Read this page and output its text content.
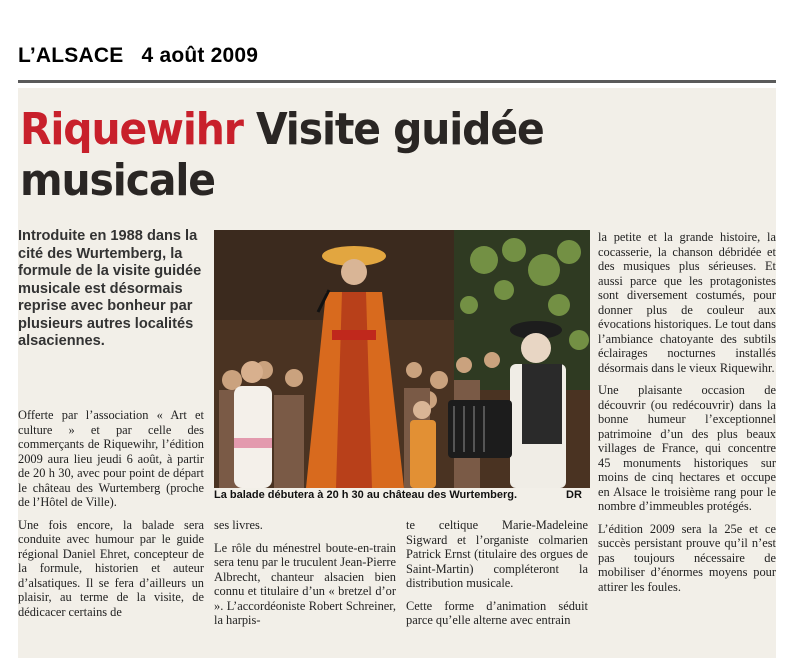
L’ALSACE   4 août 2009
Riquewihr Visite guidée musicale
Introduite en 1988 dans la cité des Wurtemberg, la formule de la visite guidée musicale est désormais reprise avec bonheur par plusieurs autres localités alsaciennes.

Offerte par l’association « Art et culture » et par celle des commerçants de Riquewihr, l’édition 2009 aura lieu jeudi 6 août, à partir de 20 h 30, avec pour point de départ le château des Wurtemberg (proche de l’Hôtel de Ville).

Une fois encore, la balade sera conduite avec humour par le guide régional Daniel Ehret, concepteur de la formule, historien et auteur d’alsatiques. Il se fera d’ailleurs un plaisir, au terme de la visite, de dédicacer certains de

La balade débutera à 20 h 30 au château des Wurtemberg.	DR

ses livres.

Le rôle du ménestrel boute-en-train sera tenu par le truculent Jean-Pierre Albrecht, chanteur alsacien bien connu et titulaire d’un « bretzel d’or ». L’accordéoniste Robert Schreiner, la harpis-

te celtique Marie-Madeleine Sigward et l’organiste colmarien Patrick Ernst (titulaire des orgues de Saint-Martin) compléteront la distribution musicale.

Cette forme d’animation séduit parce qu’elle alterne avec entrain

la petite et la grande histoire, la cocasserie, la chanson débridée et des musiques plus sérieuses. Et aussi parce que les protagonistes sont diversement costumés, pour donner plus de couleur aux évocations historiques. Le tout dans l’ambiance chatoyante des subtils éclairages nocturnes installés désormais dans le vieux Riquewihr.

Une plaisante occasion de découvrir (ou redécouvrir) dans la bonne humeur l’exceptionnel patrimoine d’un des plus beaux villages de France, qui concentre 45 monuments historiques sur moins de cinq hectares et occupe en Alsace le troisième rang pour le nombre d’immeubles protégés.

L’édition 2009 sera la 25e et ce succès persistant prouve qu’il n’est pas toujours nécessaire de mobiliser d’énormes moyens pour attirer les foules.
